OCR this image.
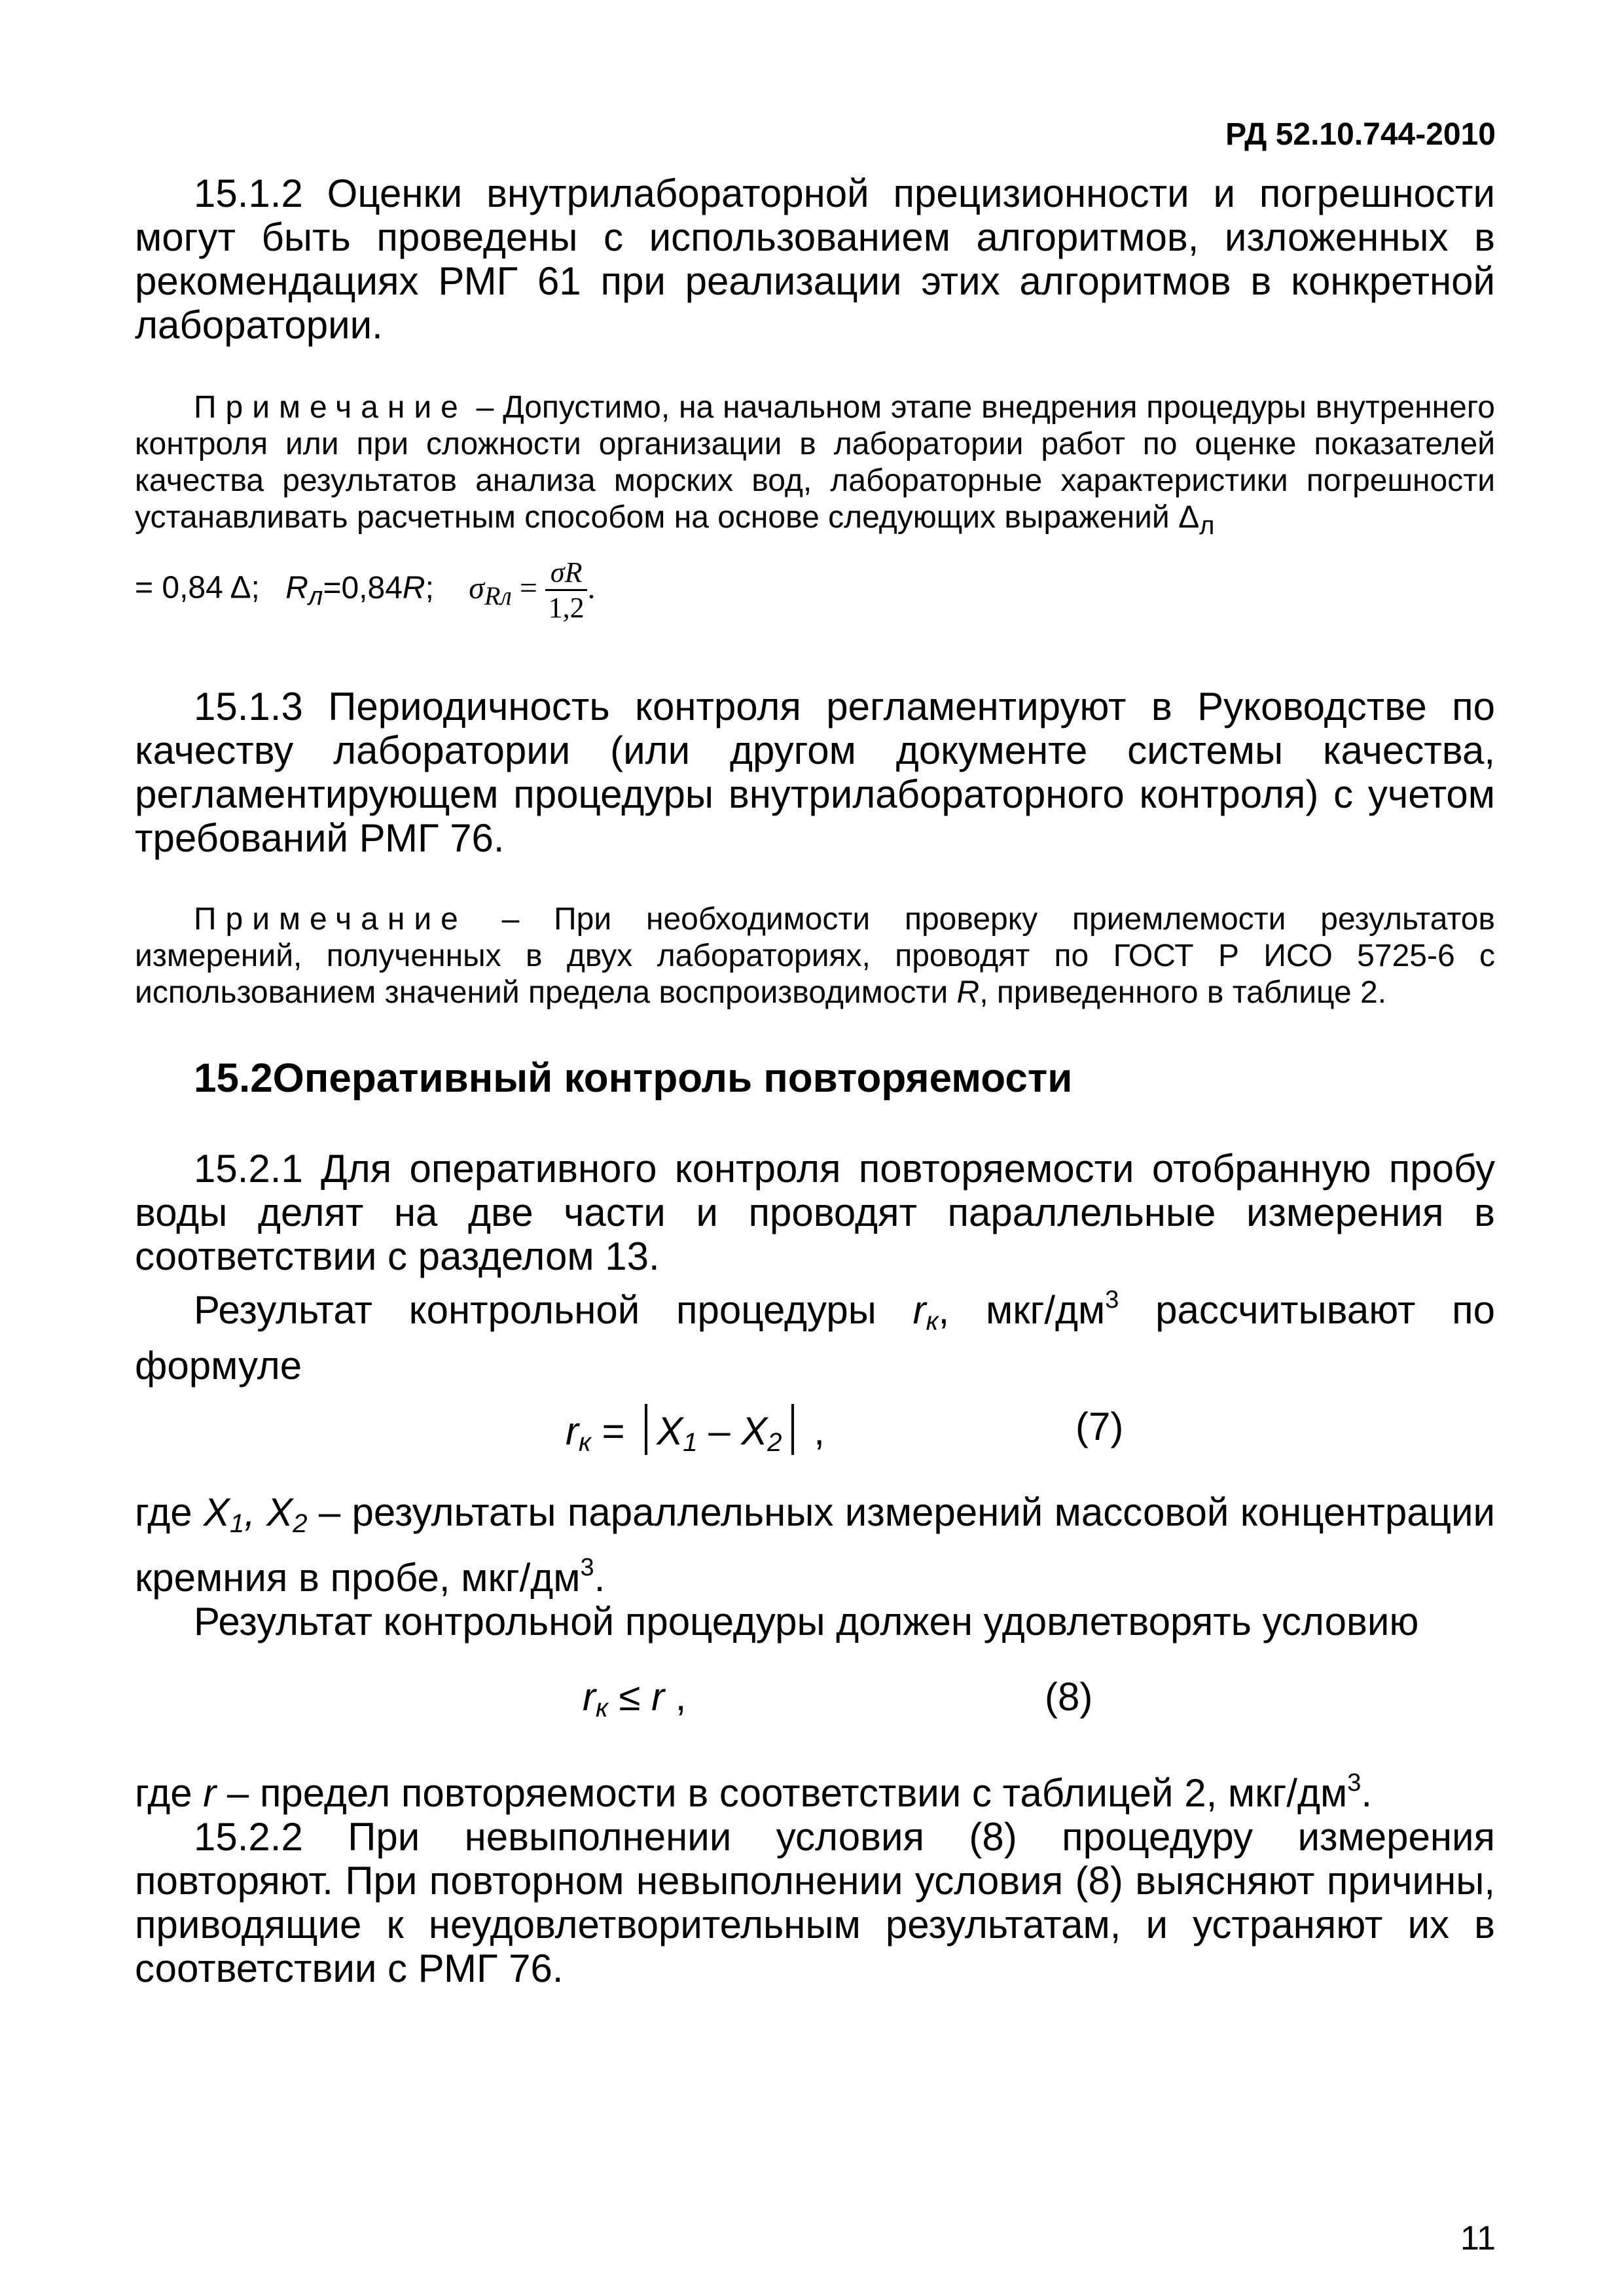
РД 52.10.744-2010

15.1.2 Оценки внутрилабораторной прецизионности и погрешности могут быть проведены с использованием алгоритмов, изложенных в рекомендациях РМГ 61 при реализации этих алгоритмов в конкретной лаборатории.

Примечание – Допустимо, на начальном этапе внедрения процедуры внутреннего контроля или при сложности организации в лаборатории работ по оценке показателей качества результатов анализа морских вод, лабораторные характеристики погрешности устанавливать расчетным способом на основе следующих выражений $\Delta_л$

= 0,84 Δ; $R_л=0,84R$; $\sigma_{Rл} = \frac{\sigma R}{1,2}$ .

15.1.3 Периодичность контроля регламентируют в Руководстве по качеству лаборатории (или другом документе системы качества, регламентирующем процедуры внутрилабораторного контроля) с учетом требований РМГ 76.

Примечание – При необходимости проверку приемлемости результатов измерений, полученных в двух лабораториях, проводят по ГОСТ Р ИСО 5725-6 с использованием значений предела воспроизводимости R, приведенного в таблице 2.

15.2Оперативный контроль повторяемости

15.2.1 Для оперативного контроля повторяемости отобранную пробу воды делят на две части и проводят параллельные измерения в соответствии с разделом 13.

Результат контрольной процедуры $r_к$, мкг/$дм^3$ рассчитывают по формуле

$r_к = X_1 - X_2$ ,	(7)

где $X_1$, $X_2$ – результаты параллельных измерений массовой концентрации кремния в пробе, мкг/$дм^3$.

Результат контрольной процедуры должен удовлетворять условию

$r_к \le r$ ,	(8)

где r – предел повторяемости в соответствии с таблицей 2, мкг/$дм^3$.

15.2.2 При невыполнении условия (8) процедуру измерения повторяют. При повторном невыполнении условия (8) выясняют причины, приводящие к неудовлетворительным результатам, и устраняют их в соответствии с РМГ 76.

11
